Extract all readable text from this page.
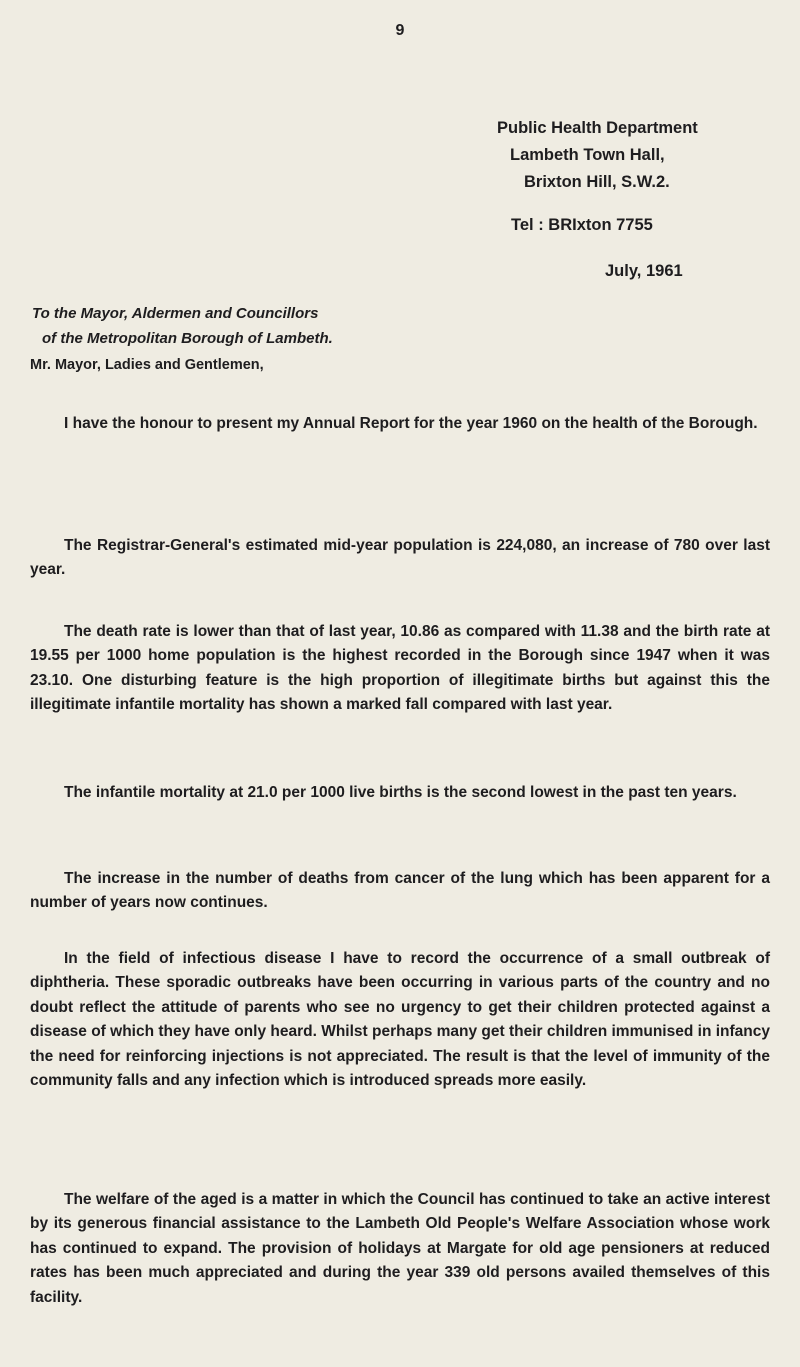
9
Public Health Department
Lambeth Town Hall,
Brixton Hill, S.W.2.
Tel : BRIxton 7755
July, 1961
To the Mayor, Aldermen and Councillors
of the Metropolitan Borough of Lambeth.
Mr. Mayor, Ladies and Gentlemen,

I have the honour to present my Annual Report for the year 1960 on the health of the Borough.

The Registrar-General's estimated mid-year population is 224,080, an increase of 780 over last year.

The death rate is lower than that of last year, 10.86 as compared with 11.38 and the birth rate at 19.55 per 1000 home population is the highest recorded in the Borough since 1947 when it was 23.10. One disturbing feature is the high proportion of illegitimate births but against this the illegitimate infantile mortality has shown a marked fall compared with last year.

The infantile mortality at 21.0 per 1000 live births is the second lowest in the past ten years.

The increase in the number of deaths from cancer of the lung which has been apparent for a number of years now continues.

In the field of infectious disease I have to record the occurrence of a small outbreak of diphtheria. These sporadic outbreaks have been occurring in various parts of the country and no doubt reflect the attitude of parents who see no urgency to get their children protected against a disease of which they have only heard. Whilst perhaps many get their children immunised in infancy the need for reinforcing injections is not appreciated. The result is that the level of immunity of the community falls and any infection which is introduced spreads more easily.

The welfare of the aged is a matter in which the Council has continued to take an active interest by its generous financial assistance to the Lambeth Old People's Welfare Association whose work has continued to expand. The provision of holidays at Margate for old age pensioners at reduced rates has been much appreciated and during the year 339 old persons availed themselves of this facility.
